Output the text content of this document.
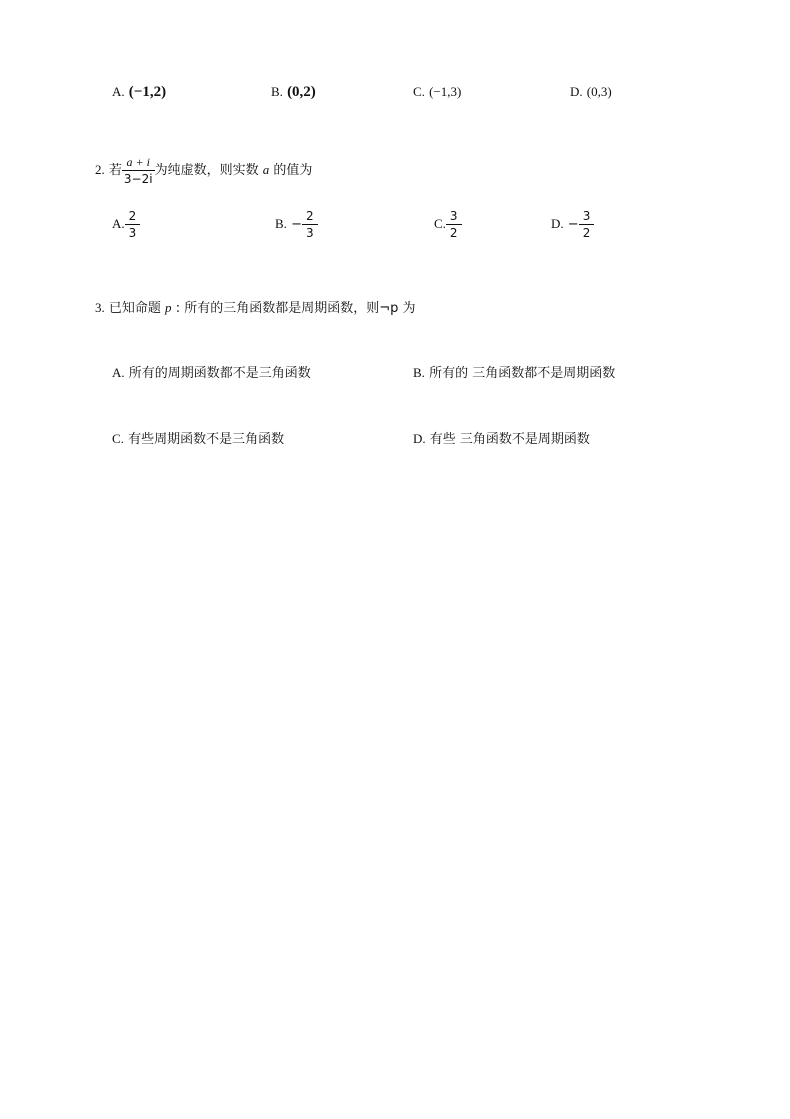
A. (−1,2)	B. (0,2)	C. (−1,3)	D. (0,3)
2. 若 $\frac{a + i}{3-2i}$ 为纯虚数，则实数 a 的值为
A. $\frac{2}{3}$	B. − $\frac{2}{3}$	C. $\frac{3}{2}$	D. − $\frac{3}{2}$
3. 已知命题 p : 所有的三角函数都是周期函数，则¬p 为
A. 所有的周期函数都不是三角函数	B. 所有的 三角函数都不是周期函数
C. 有些周期函数不是三角函数	D. 有些 三角函数不是周期函数
